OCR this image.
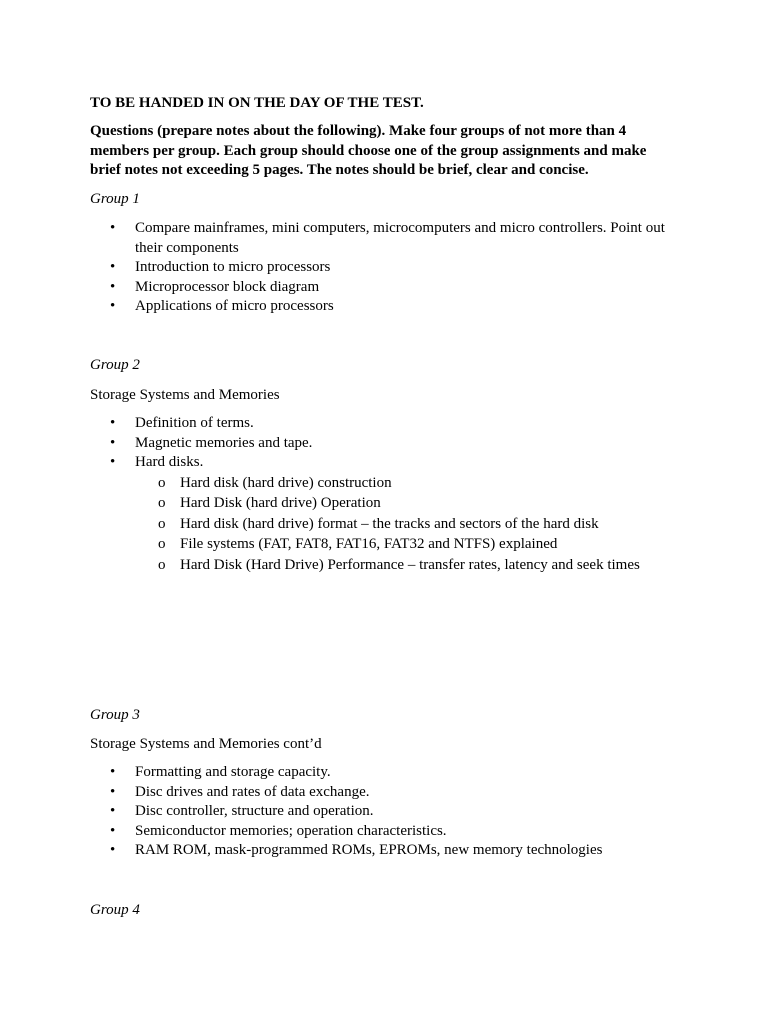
TO BE HANDED IN ON THE DAY OF THE TEST.

Questions (prepare notes about the following). Make four groups of not more than 4 members per group. Each group should choose one of the group assignments and make brief notes not exceeding 5 pages. The notes should be brief, clear and concise.

Group 1

• Compare mainframes, mini computers, microcomputers and micro controllers. Point out their components
• Introduction to micro processors
• Microprocessor block diagram
• Applications of micro processors

Group 2

Storage Systems and Memories

• Definition of terms.
• Magnetic memories and tape.
• Hard disks.
o Hard disk (hard drive) construction
o Hard Disk (hard drive) Operation
o Hard disk (hard drive) format – the tracks and sectors of the hard disk
o File systems (FAT, FAT8, FAT16, FAT32 and NTFS) explained
o Hard Disk (Hard Drive) Performance – transfer rates, latency and seek times

Group 3

Storage Systems and Memories cont’d

• Formatting and storage capacity.
• Disc drives and rates of data exchange.
• Disc controller, structure and operation.
• Semiconductor memories; operation characteristics.
• RAM ROM, mask-programmed ROMs, EPROMs, new memory technologies

Group 4
